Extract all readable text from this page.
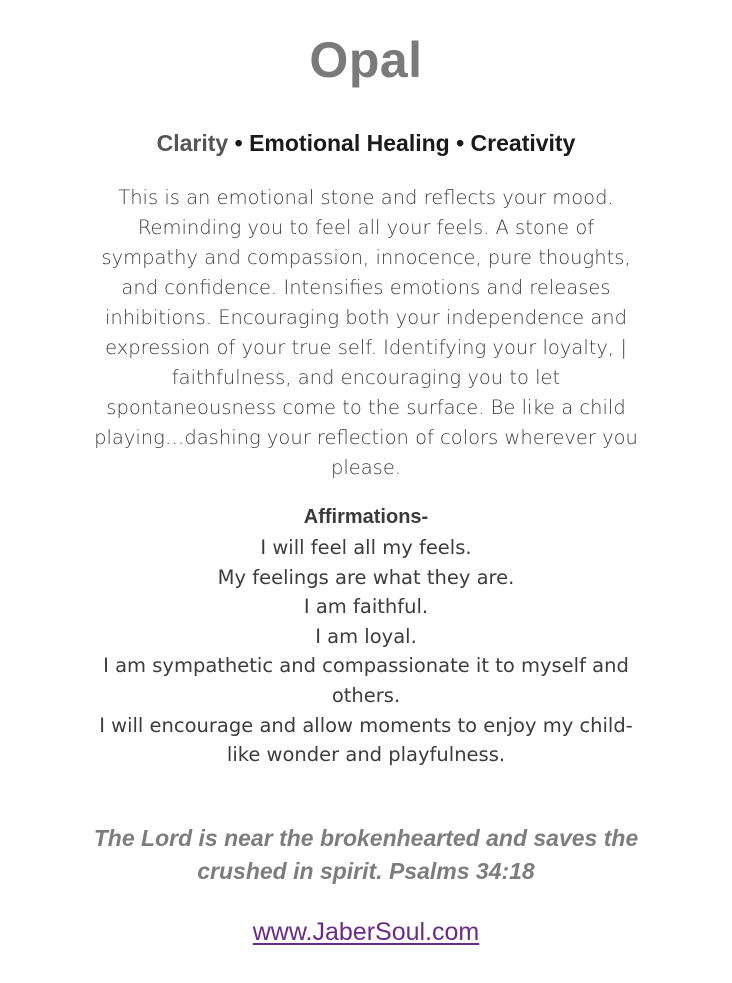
Opal
Clarity • Emotional Healing • Creativity
This is an emotional stone and reflects your mood.
Reminding you to feel all your feels. A stone of
sympathy and compassion, innocence, pure thoughts,
and confidence. Intensifies emotions and releases
inhibitions. Encouraging both your independence and
expression of your true self. Identifying your loyalty, |
faithfulness, and encouraging you to let
spontaneousness come to the surface. Be like a child
playing…dashing your reflection of colors wherever you
please.
Affirmations-
I will feel all my feels.
My feelings are what they are.
I am faithful.
I am loyal.
I am sympathetic and compassionate it to myself and
others.
I will encourage and allow moments to enjoy my child-
like wonder and playfulness.
The Lord is near the brokenhearted and saves the
crushed in spirit. Psalms 34:18
www.JaberSoul.com
